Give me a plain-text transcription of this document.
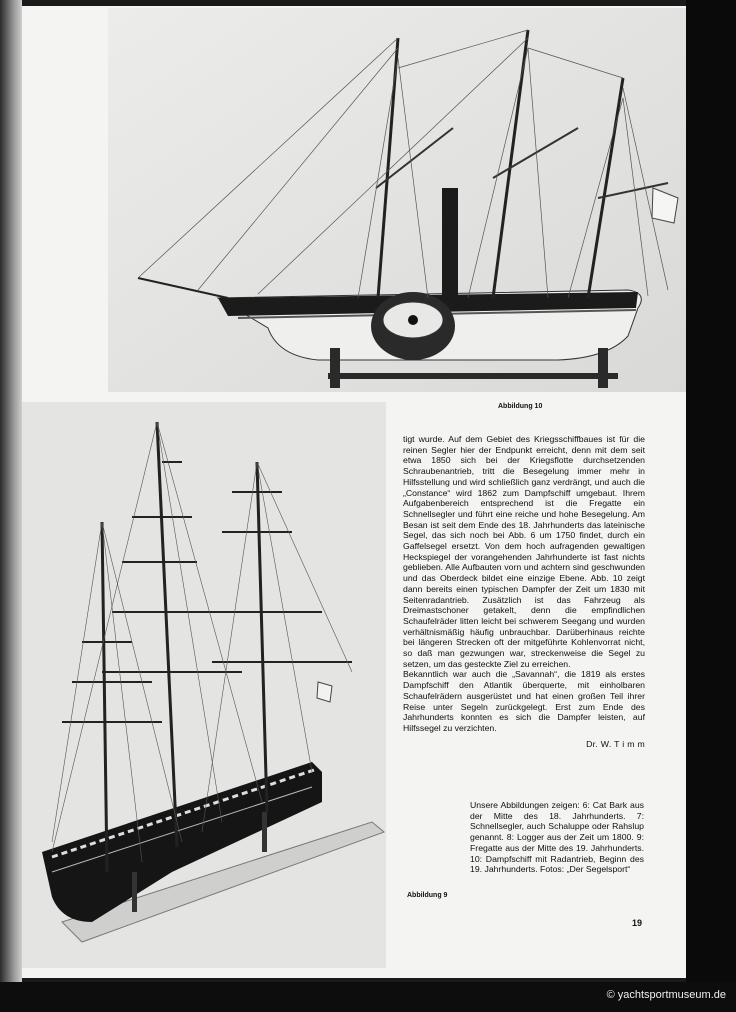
Abbildung 10
Abbildung 9

tigt wurde. Auf dem Gebiet des Kriegsschiffbaues ist für die reinen Segler hier der Endpunkt erreicht, denn mit dem seit etwa 1850 sich bei der Kriegsflotte durchsetzenden Schraubenantrieb, tritt die Besegelung immer mehr in Hilfsstellung und wird schließlich ganz verdrängt, und auch die „Constance“ wird 1862 zum Dampfschiff umgebaut. Ihrem Aufgabenbereich entsprechend ist die Fregatte ein Schnellsegler und führt eine reiche und hohe Besegelung. Am Besan ist seit dem Ende des 18. Jahrhunderts das lateinische Segel, das sich noch bei Abb. 6 um 1750 findet, durch ein Gaffelsegel ersetzt. Von dem hoch aufragenden gewaltigen Heckspiegel der vorangehenden Jahrhunderte ist fast nichts geblieben. Alle Aufbauten vorn und achtern sind geschwunden und das Oberdeck bildet eine einzige Ebene. Abb. 10 zeigt dann bereits einen typischen Dampfer der Zeit um 1830 mit Seitenradantrieb. Zusätzlich ist das Fahrzeug als Dreimastschoner getakelt, denn die empfindlichen Schaufelräder litten leicht bei schwerem Seegang und wurden verhältnismäßig häufig unbrauchbar. Darüberhinaus reichte bei längeren Strecken oft der mitgeführte Kohlenvorrat nicht, so daß man gezwungen war, streckenweise die Segel zu setzen, um das gesteckte Ziel zu erreichen.

Bekanntlich war auch die „Savannah“, die 1819 als erstes Dampfschiff den Atlantik überquerte, mit einholbaren Schaufelrädern ausgerüstet und hat einen großen Teil ihrer Reise unter Segeln zurückgelegt. Erst zum Ende des Jahrhunderts konnten es sich die Dampfer leisten, auf Hilfssegel zu verzichten.

Dr. W. T i m m
Unsere Abbildungen zeigen: 6: Cat Bark aus der Mitte des 18. Jahrhunderts. 7: Schnellsegler, auch Schaluppe oder Rahslup genannt. 8: Logger aus der Zeit um 1800. 9: Fregatte aus der Mitte des 19. Jahrhunderts. 10: Dampfschiff mit Radantrieb, Beginn des 19. Jahrhunderts. Fotos: „Der Segelsport“
19
© yachtsportmuseum.de
